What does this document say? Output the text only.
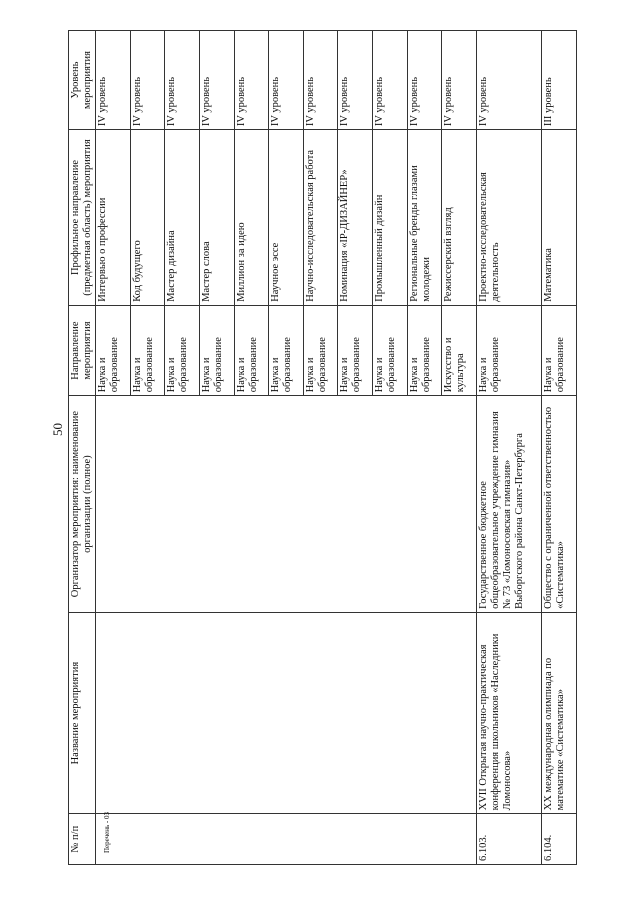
50
№ п/п	Название мероприятия	Организатор мероприятия: наименование организации (полное)	Направление мероприятия	Профильное направление (предметная область) мероприятия	Уровень мероприятия
			Наука и образование	Интервью о профессии	IV уровень
			Наука и образование	Код будущего	IV уровень
			Наука и образование	Мастер дизайна	IV уровень
			Наука и образование	Мастер слова	IV уровень
			Наука и образование	Миллион за идею	IV уровень
			Наука и образование	Научное эссе	IV уровень
			Наука и образование	Научно-исследовательская работа	IV уровень
			Наука и образование	Номинация «IP-ДИЗАЙНЕР»	IV уровень
			Наука и образование	Промышленный дизайн	IV уровень
			Наука и образование	Региональные бренды глазами молодежи	IV уровень
			Искусство и культура	Режиссерский взгляд	IV уровень
6.103.	XVII Открытая научно-практическая конференция школьников «Наследники Ломоносова»	Государственное бюджетное общеобразовательное учреждение гимназия № 73 «Ломоносовская гимназия» Выборгского района Санкт-Петербурга	Наука и образование	Проектно-исследовательская деятельность	IV уровень
6.104.	XX международная олимпиада по математике «Систематика»	Общество с ограниченной ответственностью «Систематика»	Наука и образование	Математика	III уровень
Перечень - 03
